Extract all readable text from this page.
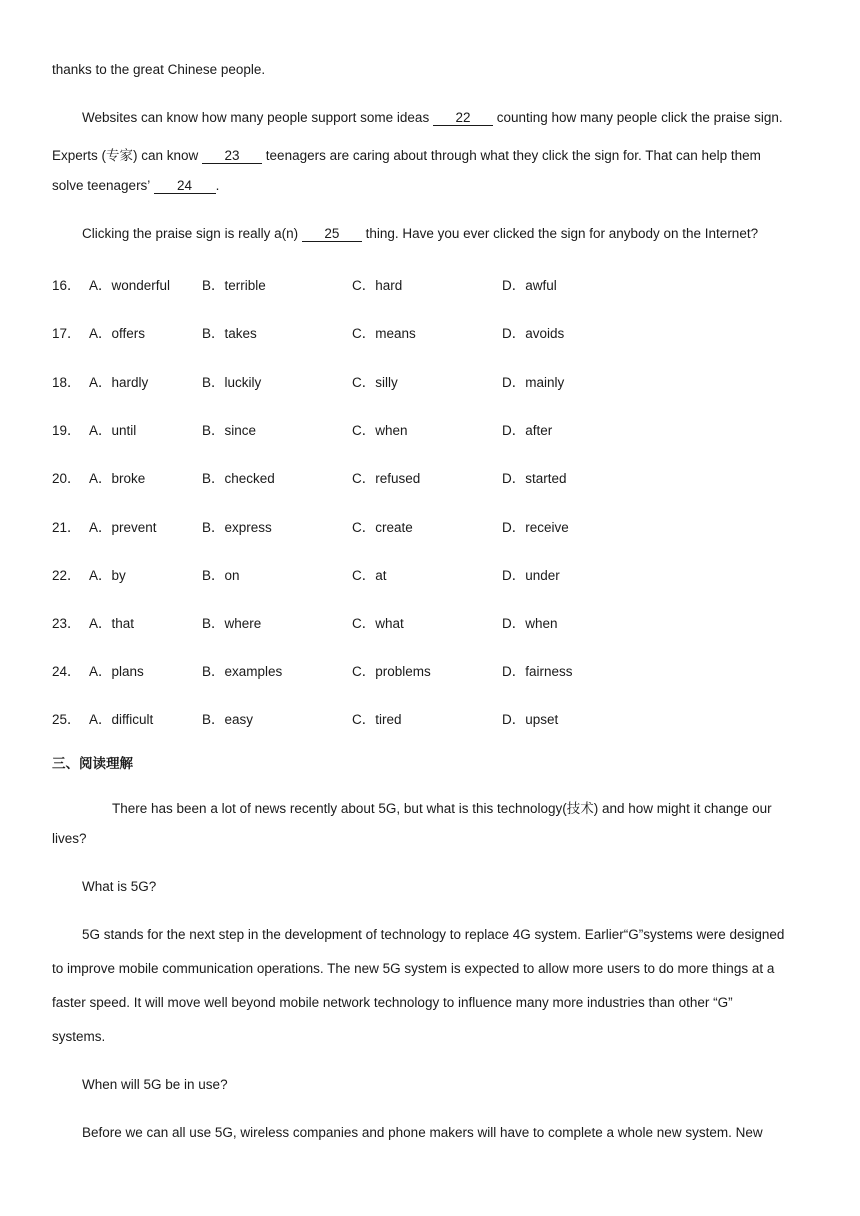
thanks to the great Chinese people.
Websites can know how many people support some ideas 22 counting how many people click the praise sign.
Experts (专家) can know 23 teenagers are caring about through what they click the sign for. That can help them
solve teenagers’ 24 .
Clicking the praise sign is really a(n) 25 thing. Have you ever clicked the sign for anybody on the Internet?
16． A．wonderful B．terrible	C．hard	D．awful
17． A．offers	B．takes	C．means	D．avoids
18． A．hardly	B．luckily	C．silly	D．mainly
19． A．until	B．since	C．when	D．after
20． A．broke	B．checked	C．refused	D．started
21． A．prevent	B．express	C．create	D．receive
22． A．by	B．on	C．at	D．under
23． A．that	B．where	C．what	D．when
24． A．plans	B．examples	C．problems	D．fairness
25． A．difficult	B．easy	C．tired	D．upset
三、阅读理解
There has been a lot of news recently about 5G, but what is this technology(技术) and how might it change our
lives?
What is 5G?
5G stands for the next step in the development of technology to replace 4G system. Earlier“G”systems were designed
to improve mobile communication operations. The new 5G system is expected to allow more users to do more things at a
faster speed. It will move well beyond mobile network technology to influence many more industries than other “G”
systems.
When will 5G be in use?
Before we can all use 5G, wireless companies and phone makers will have to complete a whole new system. New
